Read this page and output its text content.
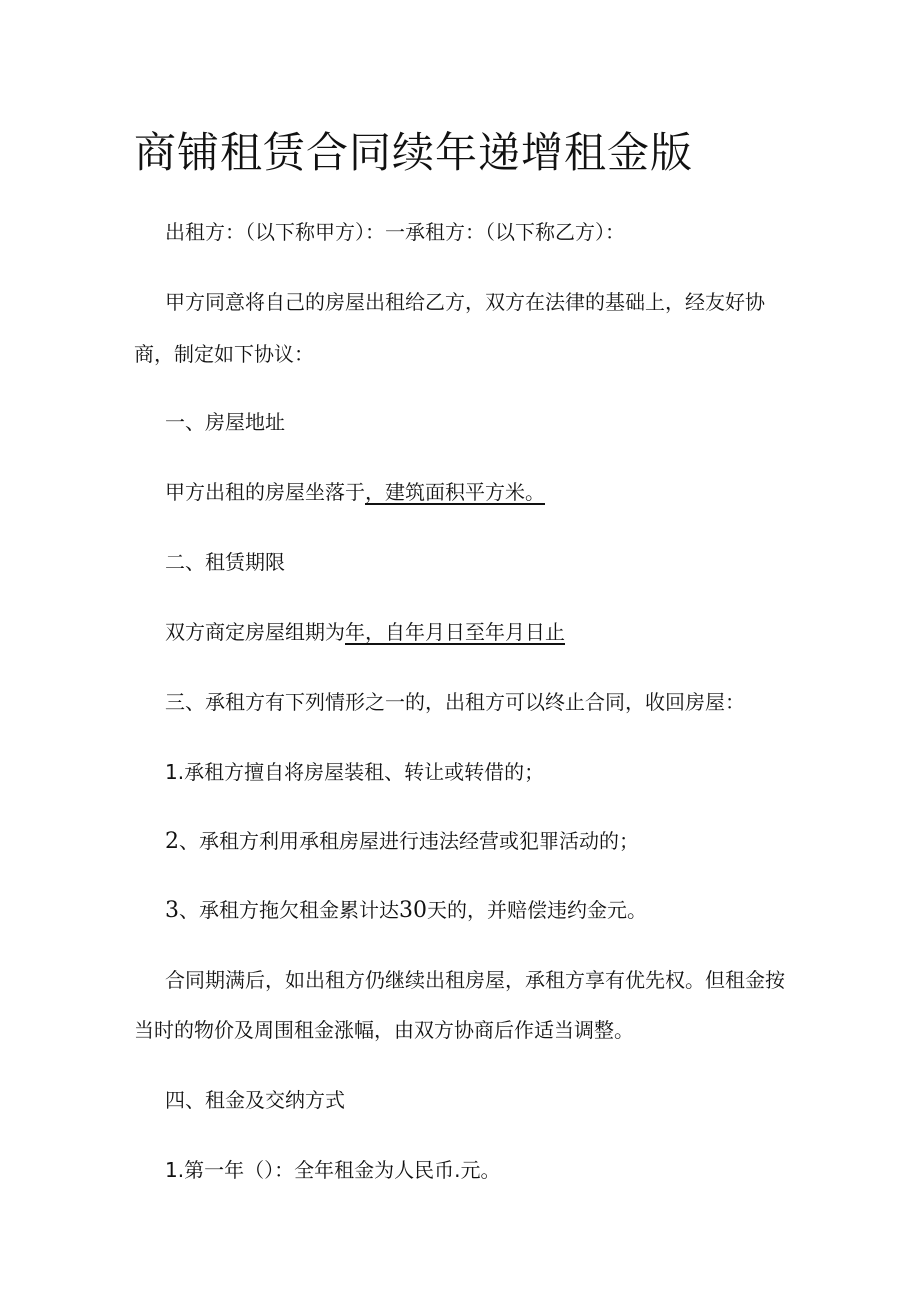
商铺租赁合同续年递增租金版

出租方：（以下称甲方）：一承租方：（以下称乙方）：

甲方同意将自己的房屋出租给乙方，双方在法律的基础上，经友好协

商，制定如下协议：

一、房屋地址

甲方出租的房屋坐落于，建筑面积平方米。

二、租赁期限

双方商定房屋组期为年，自年月日至年月日止

三、承租方有下列情形之一的，出租方可以终止合同，收回房屋：

1.承租方擅自将房屋装租、转让或转借的；

2、承租方利用承租房屋进行违法经营或犯罪活动的；

3、承租方拖欠租金累计达30天的，并赔偿违约金元。

合同期满后，如出租方仍继续出租房屋，承租方享有优先权。但租金按

当时的物价及周围租金涨幅，由双方协商后作适当调整。

四、租金及交纳方式

1.第一年（）：全年租金为人民币.元。
